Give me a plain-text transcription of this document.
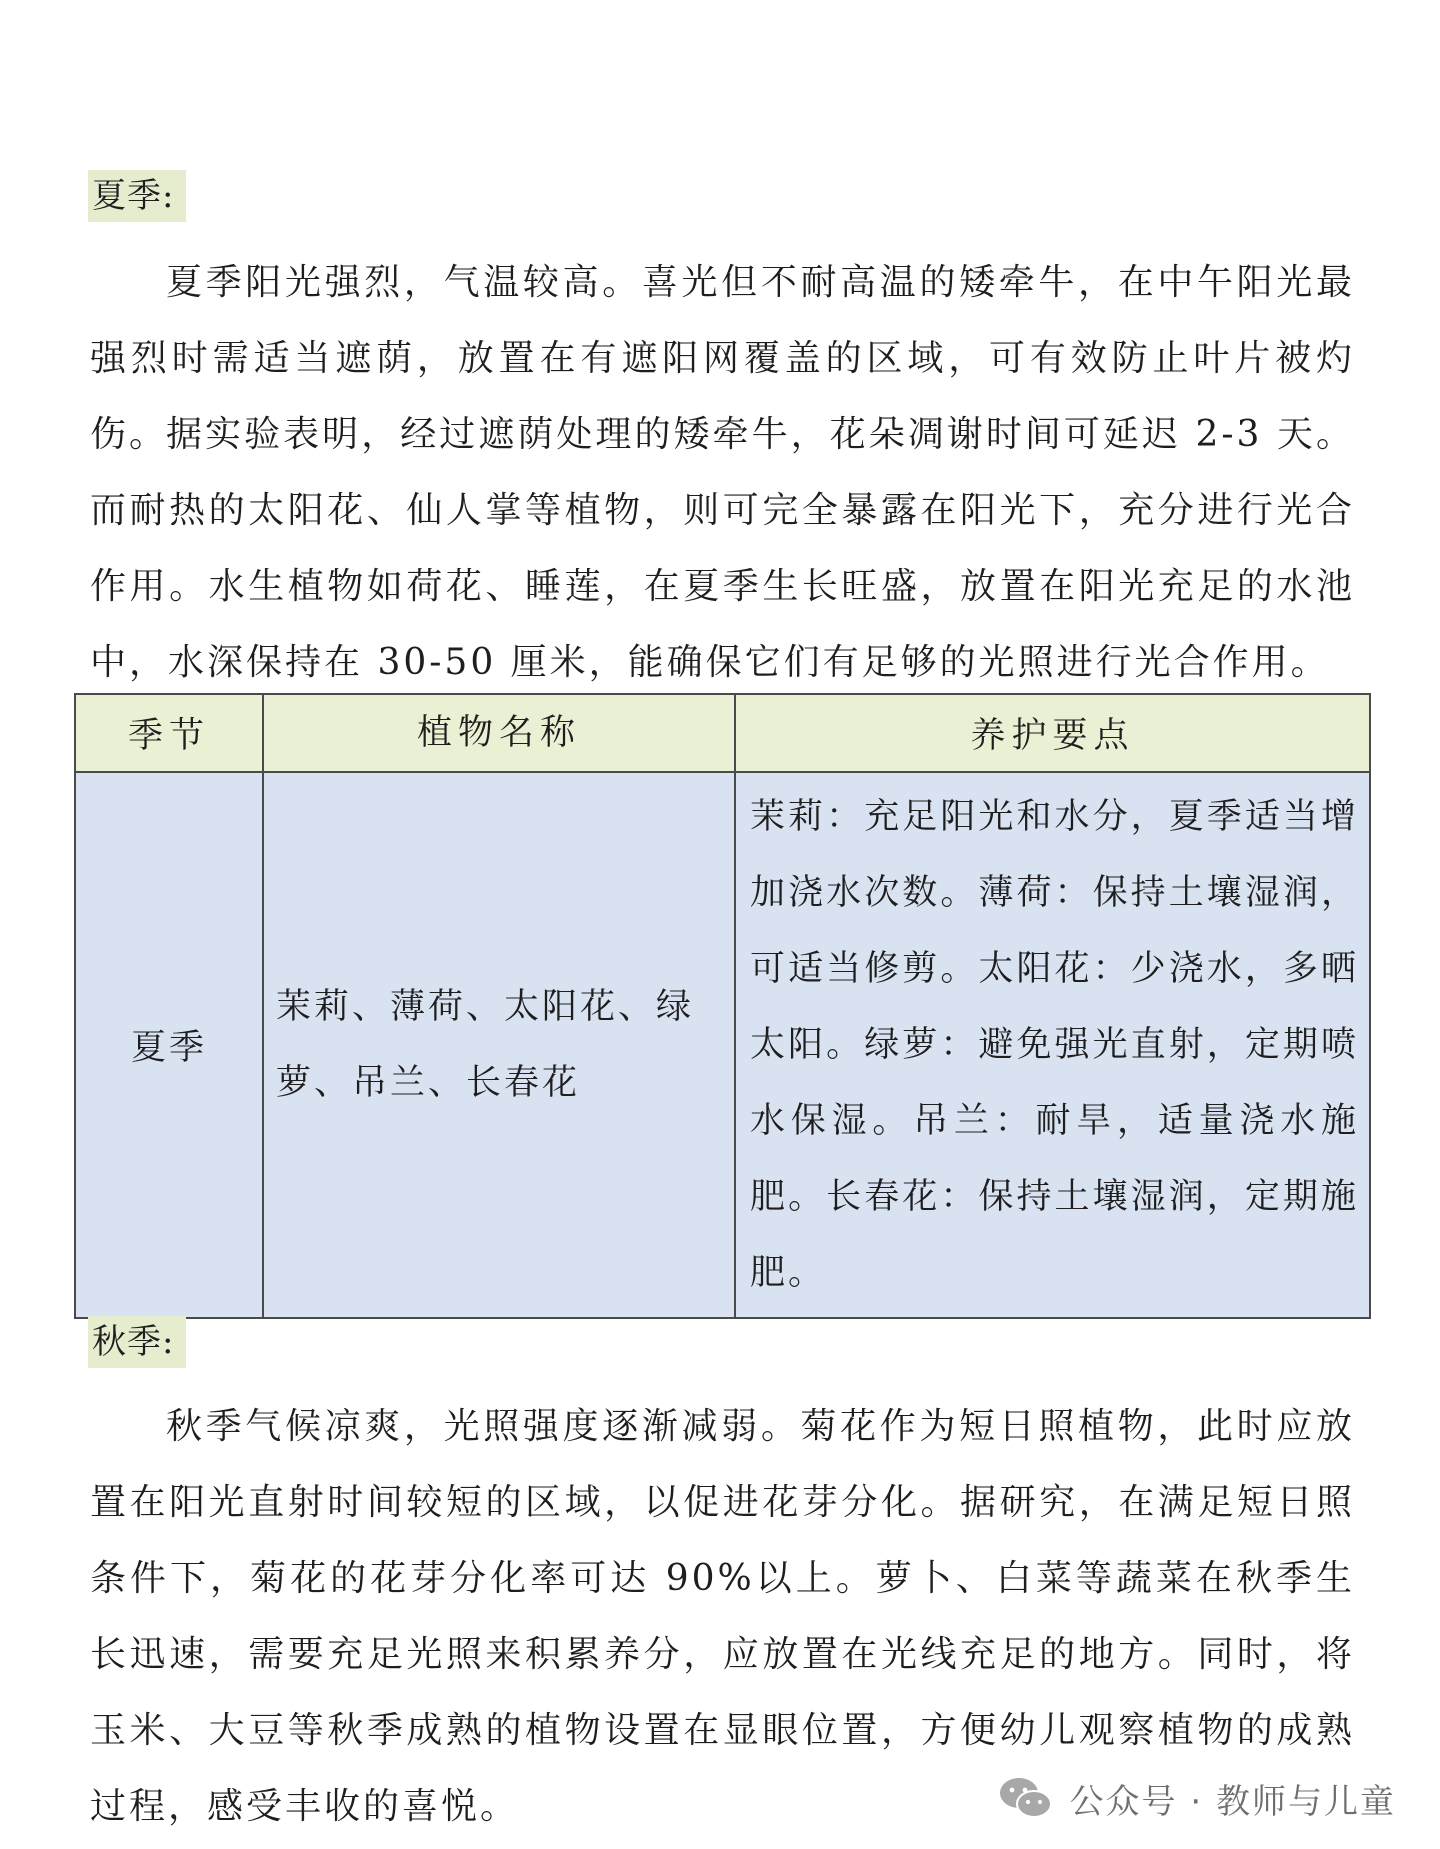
夏季:

夏季阳光强烈，气温较高。喜光但不耐高温的矮牵牛，在中午阳光最强烈时需适当遮荫，放置在有遮阳网覆盖的区域，可有效防止叶片被灼伤。

据实验表明，经过遮荫处理的矮牵牛，花朵凋谢时间可延迟 2-3 天。而耐热的太阳花、仙人掌等植物，则可完全暴露在阳光下，充分进行光合作用。水生植物如荷花、睡莲，在夏季生长旺盛，放置在阳光充足的水池中，水深保持在 30-50 厘米，能确保它们有足够的光照进行光合作用。

季节	植物名称	养护要点
夏季	茉莉、薄荷、太阳花、绿萝、吊兰、长春花	茉莉：充足阳光和水分，夏季适当增加浇水次数。薄荷：保持土壤湿润，可适当修剪。太阳花：少浇水，多晒太阳。绿萝：避免强光直射，定期喷水保湿。吊兰：耐旱，适量浇水施肥。长春花：保持土壤湿润，定期施肥。
秋季:

秋季气候凉爽，光照强度逐渐减弱。菊花作为短日照植物，此时应放置在阳光直射时间较短的区域，以促进花芽分化。据研究，在满足短日照条件下，菊花的花芽分化率可达 90%以上。萝卜、白菜等蔬菜在秋季生长迅速，需要充足光照来积累养分，应放置在光线充足的地方。同时，将玉米、大豆等秋季成熟的植物设置在显眼位置，方便幼儿观察植物的成熟过程，感受丰收的喜悦。	公众号 · 教师与儿童
